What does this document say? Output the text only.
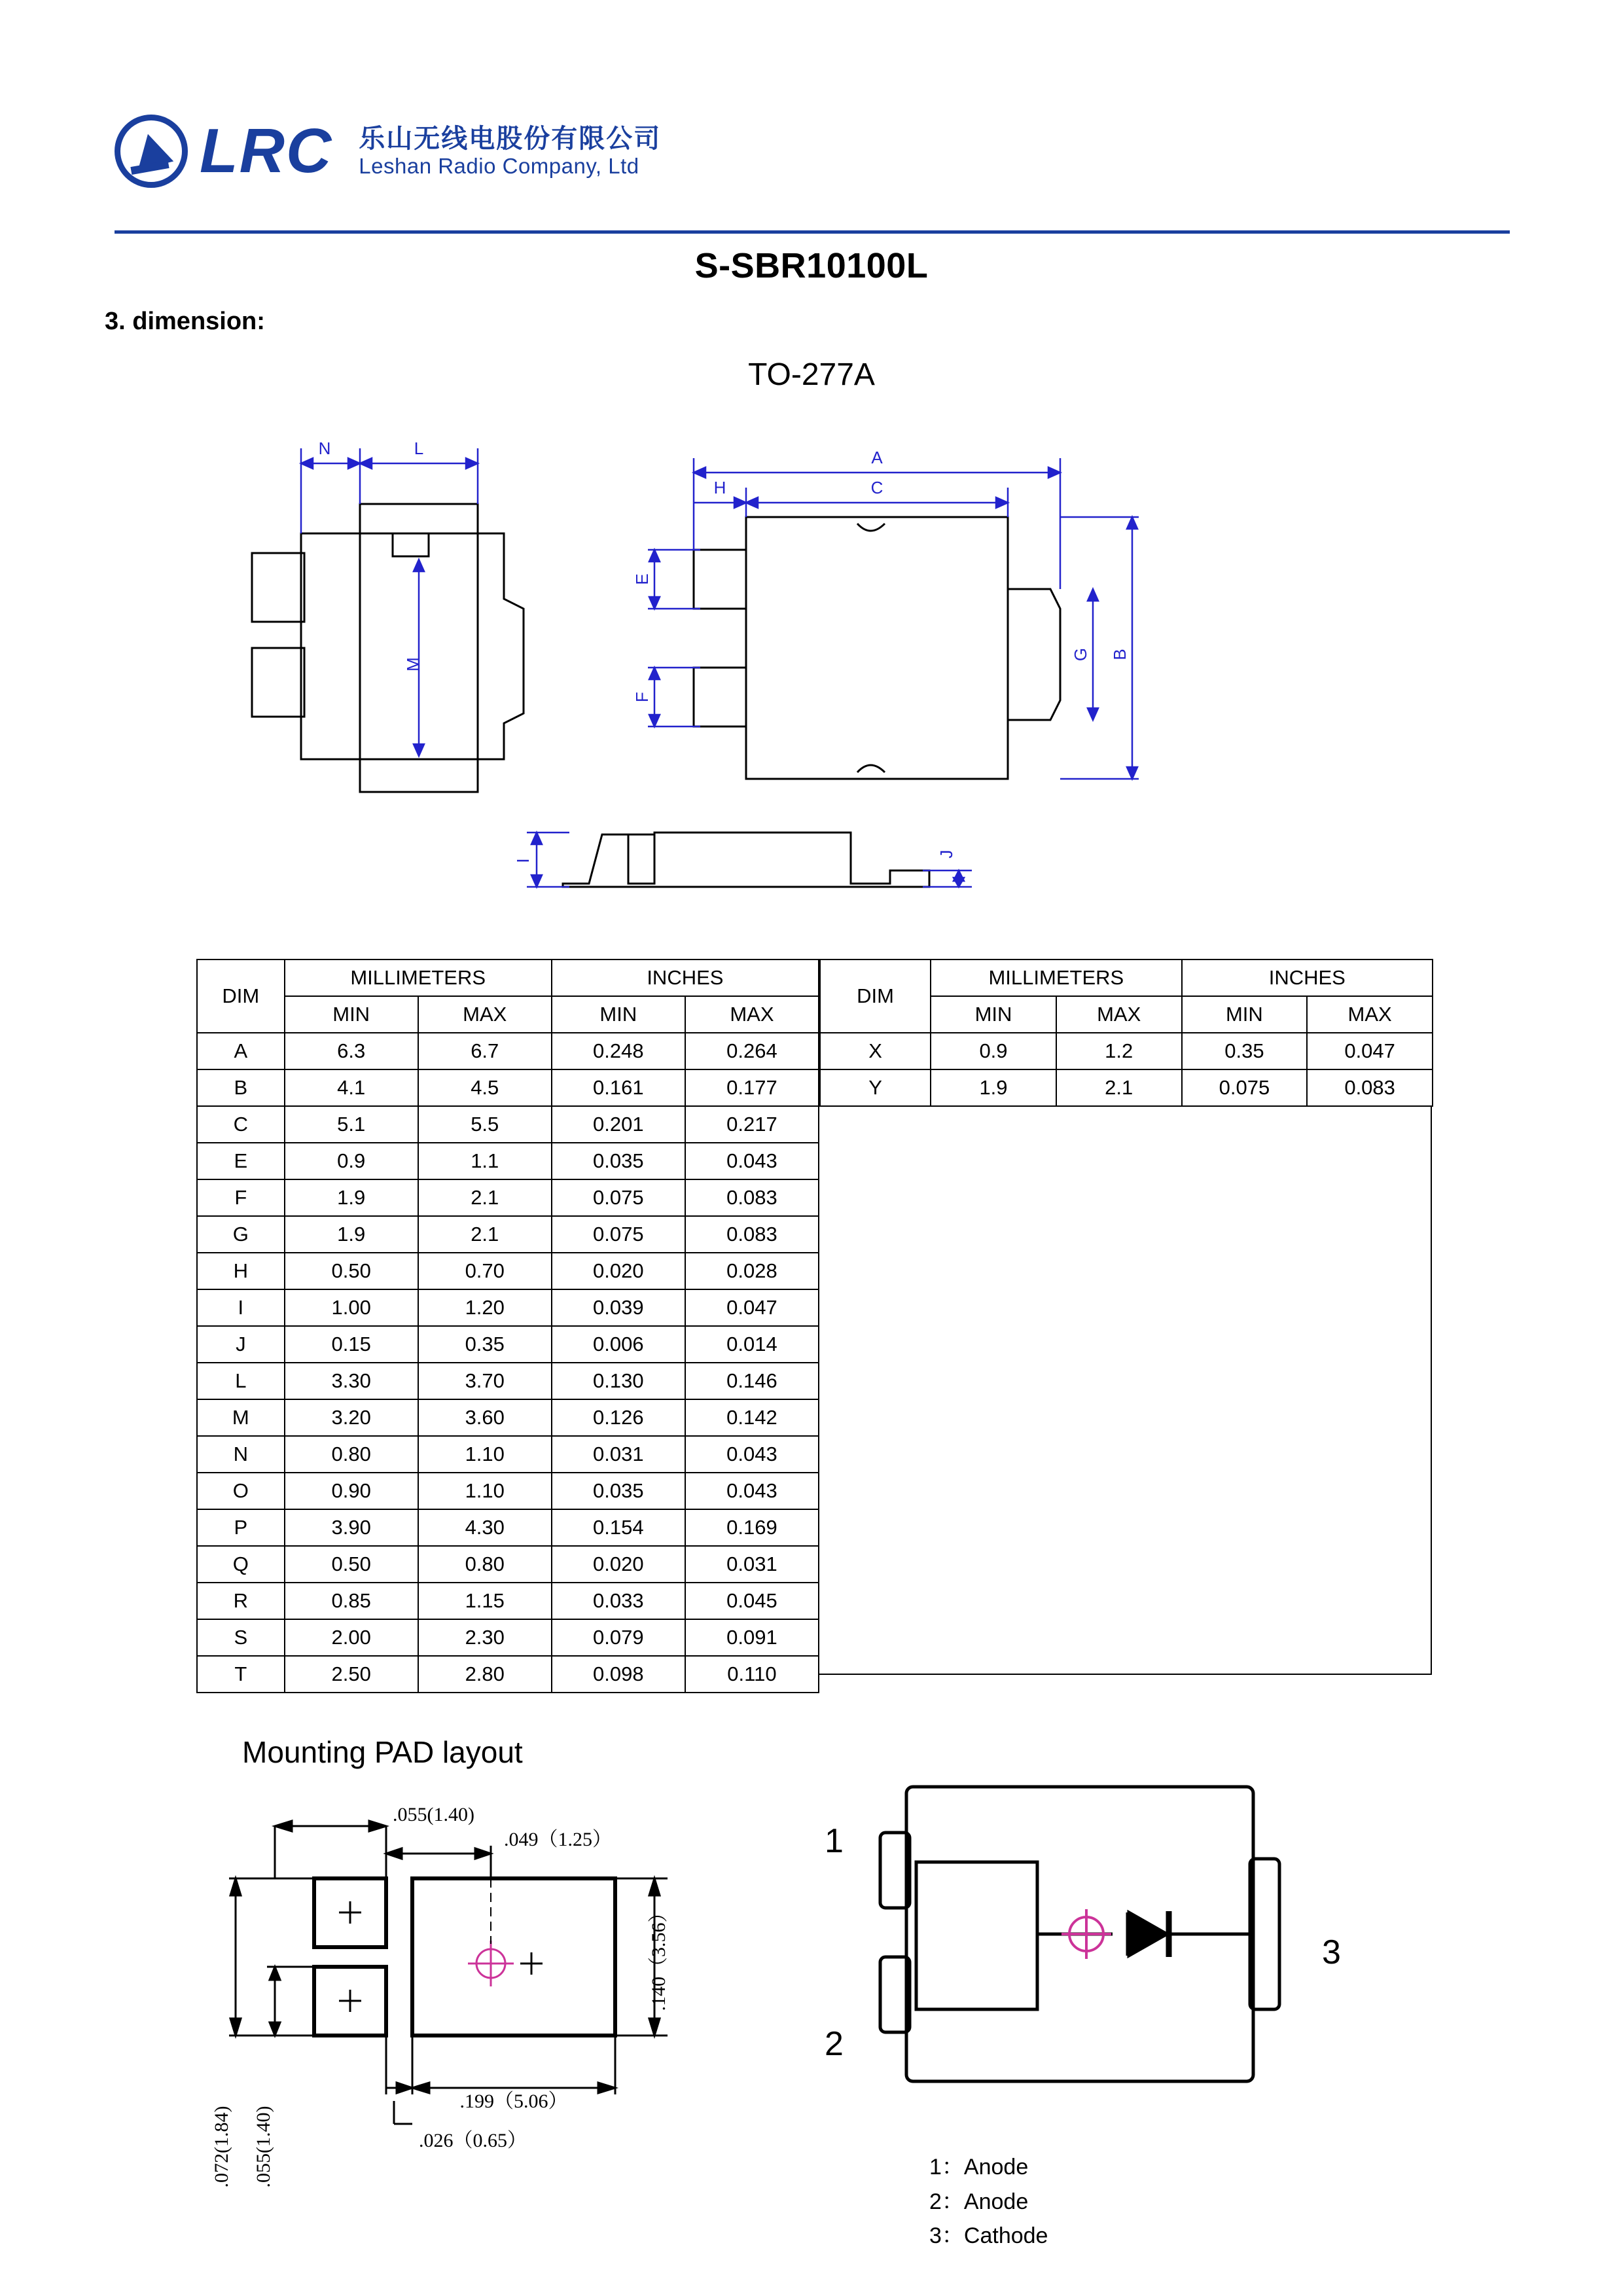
LRC 乐山无线电股份有限公司
Leshan Radio Company, Ltd
S-SBR10100L
3. dimension:
TO-277A
N	L
M
A
C
H
E
F
G B
I
J
DIM	MILLIMETERS		INCHES	
	MIN	MAX	MIN	MAX
A	6.3	6.7	0.248	0.264
B	4.1	4.5	0.161	0.177
C	5.1	5.5	0.201	0.217
E	0.9	1.1	0.035	0.043
F	1.9	2.1	0.075	0.083
G	1.9	2.1	0.075	0.083
H	0.50	0.70	0.020	0.028
I	1.00	1.20	0.039	0.047
J	0.15	0.35	0.006	0.014
L	3.30	3.70	0.130	0.146
M	3.20	3.60	0.126	0.142
N	0.80	1.10	0.031	0.043
O	0.90	1.10	0.035	0.043
P	3.90	4.30	0.154	0.169
Q	0.50	0.80	0.020	0.031
R	0.85	1.15	0.033	0.045
S	2.00	2.30	0.079	0.091
T	2.50	2.80	0.098	0.110
DIM	MILLIMETERS		INCHES	
	MIN	MAX	MIN	MAX
X	0.9	1.2	0.35	0.047
Y	1.9	2.1	0.075	0.083
Mounting PAD layout
.055(1.40)
.049（1.25）
.140（3.56）
.199（5.06）
.026（0.65）
.072(1.84) .055(1.40)
1
2
3
1：Anode
2：Anode
3：Cathode
